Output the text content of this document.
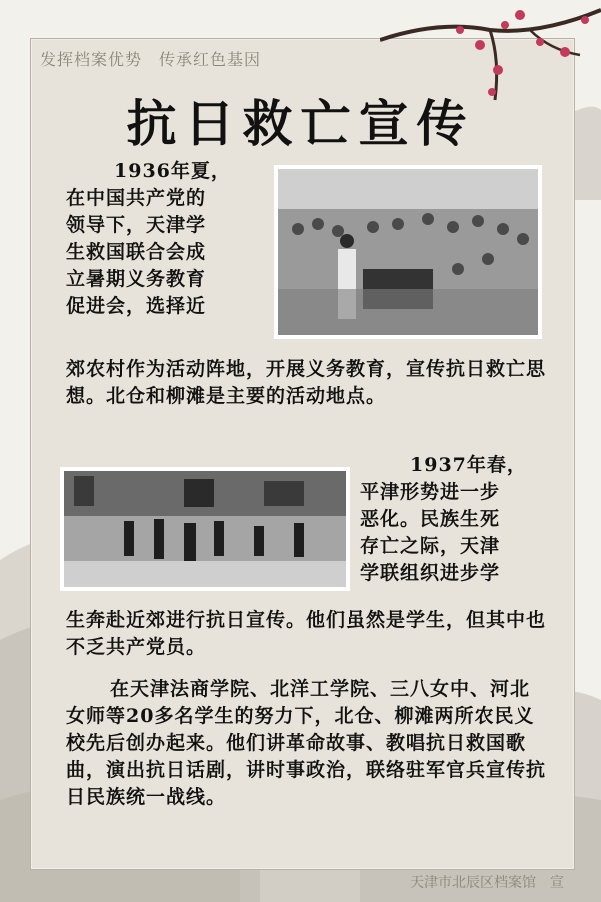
发挥档案优势　传承红色基因
抗日救亡宣传
1936年夏，
在中国共产党的
领导下，天津学
生救国联合会成
立暑期义务教育
促进会，选择近
郊农村作为活动阵地，开展义务教育，宣传抗日救亡思想。北仓和柳滩是主要的活动地点。
1937年春，
平津形势进一步
恶化。民族生死
存亡之际，天津
学联组织进步学
生奔赴近郊进行抗日宣传。他们虽然是学生，但其中也不乏共产党员。
在天津法商学院、北洋工学院、三八女中、河北女师等20多名学生的努力下，北仓、柳滩两所农民义校先后创办起来。他们讲革命故事、教唱抗日救国歌曲，演出抗日话剧，讲时事政治，联络驻军官兵宣传抗日民族统一战线。
天津市北辰区档案馆　宣
